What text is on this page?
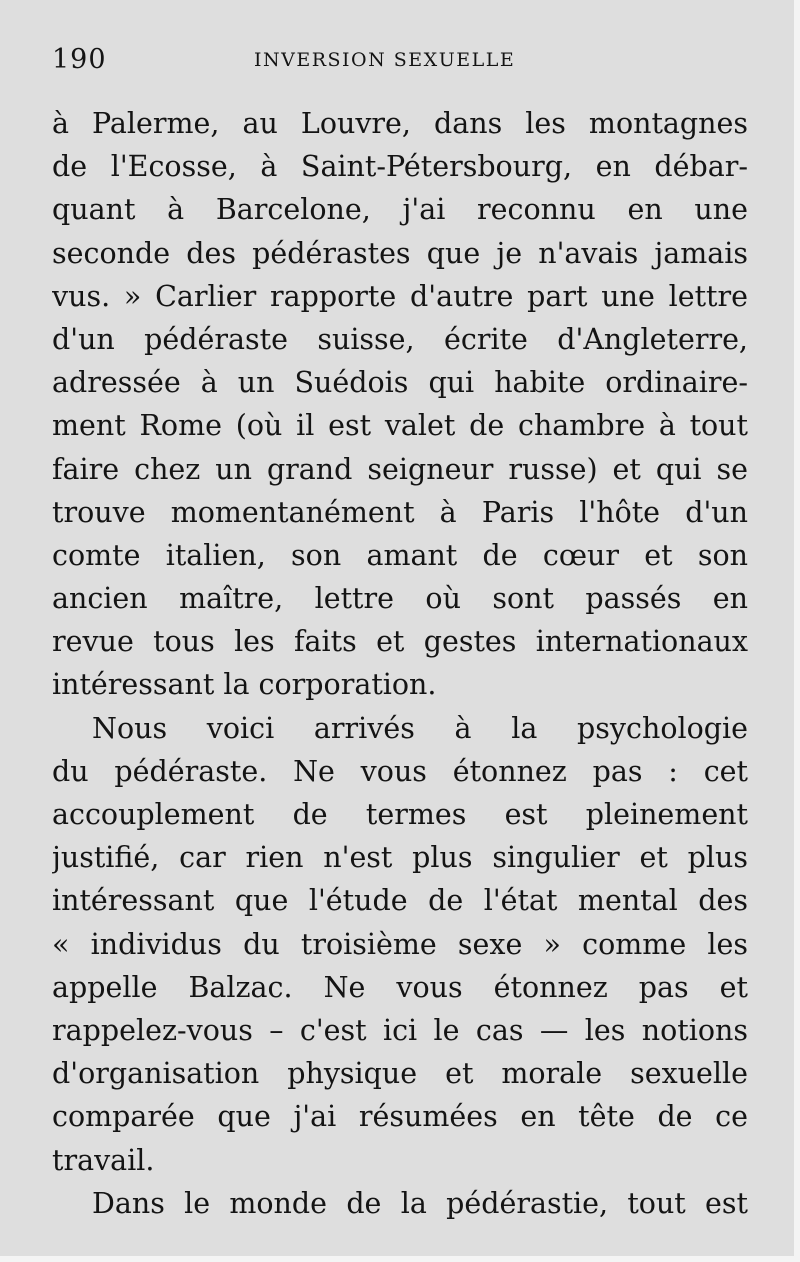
190	INVERSION SEXUELLE
à Palerme, au Louvre, dans les montagnes
de l'Ecosse, à Saint-Pétersbourg, en débar-
quant à Barcelone, j'ai reconnu en une
seconde des pédérastes que je n'avais jamais
vus. » Carlier rapporte d'autre part une lettre
d'un pédéraste suisse, écrite d'Angleterre,
adressée à un Suédois qui habite ordinaire-
ment Rome (où il est valet de chambre à tout
faire chez un grand seigneur russe) et qui se
trouve momentanément à Paris l'hôte d'un
comte italien, son amant de cœur et son
ancien maître, lettre où sont passés en
revue tous les faits et gestes internationaux
intéressant la corporation.
Nous voici arrivés à la psychologie
du pédéraste. Ne vous étonnez pas : cet
accouplement de termes est pleinement
justifié, car rien n'est plus singulier et plus
intéressant que l'étude de l'état mental des
« individus du troisième sexe » comme les
appelle Balzac. Ne vous étonnez pas et
rappelez-vous – c'est ici le cas — les notions
d'organisation physique et morale sexuelle
comparée que j'ai résumées en tête de ce
travail.
Dans le monde de la pédérastie, tout est
